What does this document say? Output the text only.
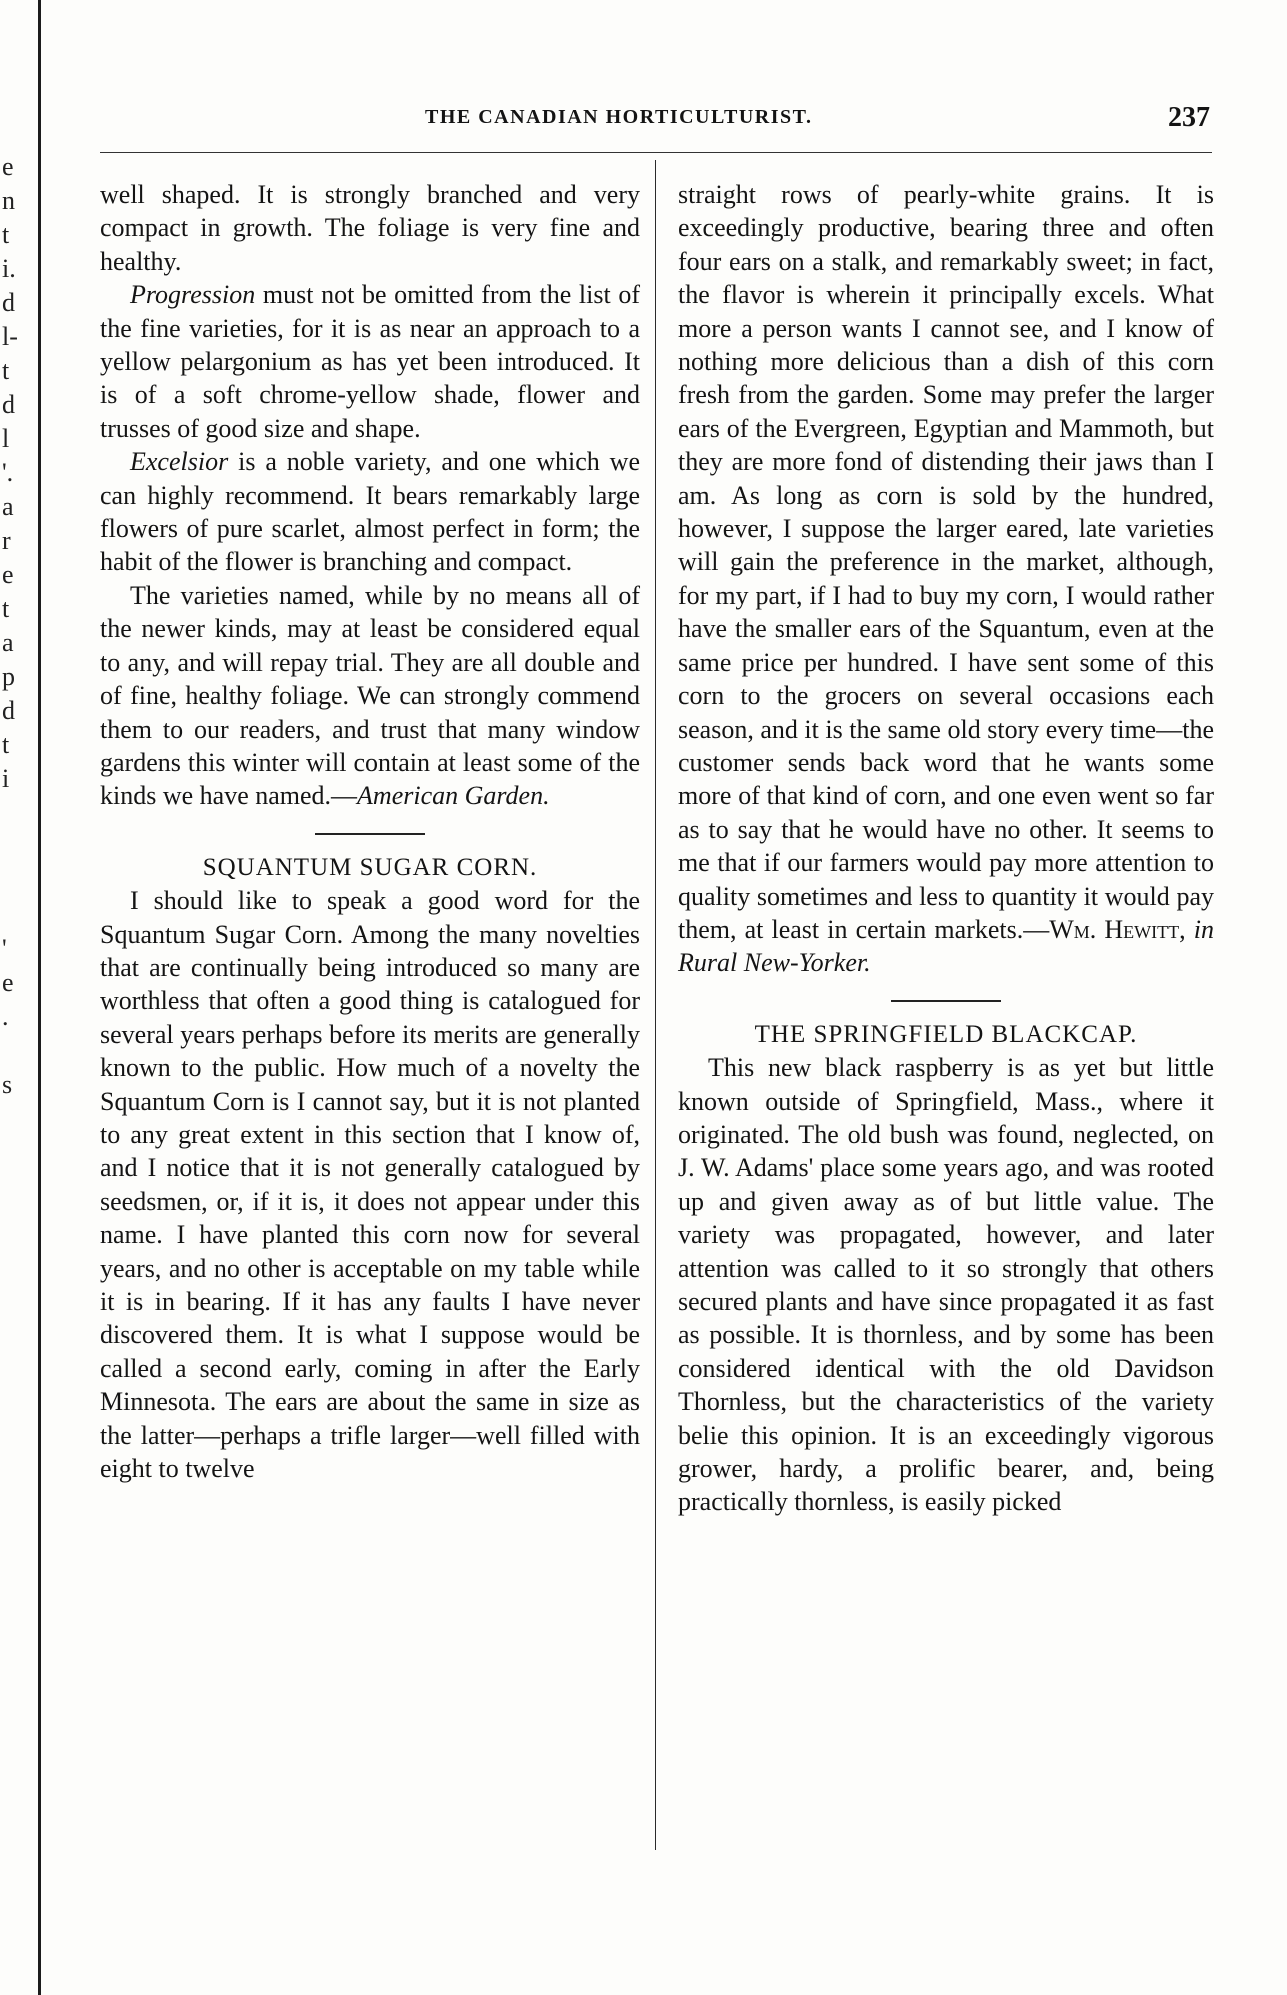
e
n
t
i.
d
l-
t
d
l
'.
a
r
e
t
a
p
d
t
i
'
e
.
s
THE CANADIAN HORTICULTURIST.	237

well shaped. It is strongly branched and very compact in growth. The foliage is very fine and healthy.

Progression must not be omitted from the list of the fine varieties, for it is as near an approach to a yellow pelargonium as has yet been introduced. It is of a soft chrome-yellow shade, flower and trusses of good size and shape.

Excelsior is a noble variety, and one which we can highly recommend. It bears remarkably large flowers of pure scarlet, almost perfect in form; the habit of the flower is branching and compact.

The varieties named, while by no means all of the newer kinds, may at least be considered equal to any, and will repay trial. They are all double and of fine, healthy foliage. We can strongly commend them to our readers, and trust that many window gardens this winter will contain at least some of the kinds we have named.—American Garden.

SQUANTUM SUGAR CORN.

I should like to speak a good word for the Squantum Sugar Corn. Among the many novelties that are continually being introduced so many are worthless that often a good thing is catalogued for several years perhaps before its merits are generally known to the public. How much of a novelty the Squantum Corn is I cannot say, but it is not planted to any great extent in this section that I know of, and I notice that it is not generally catalogued by seedsmen, or, if it is, it does not appear under this name. I have planted this corn now for several years, and no other is acceptable on my table while it is in bearing. If it has any faults I have never discovered them. It is what I suppose would be called a second early, coming in after the Early Minnesota. The ears are about the same in size as the latter—perhaps a trifle larger—well filled with eight to twelve

straight rows of pearly-white grains. It is exceedingly productive, bearing three and often four ears on a stalk, and remarkably sweet; in fact, the flavor is wherein it principally excels. What more a person wants I cannot see, and I know of nothing more delicious than a dish of this corn fresh from the garden. Some may prefer the larger ears of the Evergreen, Egyptian and Mammoth, but they are more fond of distending their jaws than I am. As long as corn is sold by the hundred, however, I suppose the larger eared, late varieties will gain the preference in the market, although, for my part, if I had to buy my corn, I would rather have the smaller ears of the Squantum, even at the same price per hundred. I have sent some of this corn to the grocers on several occasions each season, and it is the same old story every time—the customer sends back word that he wants some more of that kind of corn, and one even went so far as to say that he would have no other. It seems to me that if our farmers would pay more attention to quality sometimes and less to quantity it would pay them, at least in certain markets.—Wm. Hewitt, in Rural New-Yorker.

THE SPRINGFIELD BLACKCAP.

This new black raspberry is as yet but little known outside of Springfield, Mass., where it originated. The old bush was found, neglected, on J. W. Adams' place some years ago, and was rooted up and given away as of but little value. The variety was propagated, however, and later attention was called to it so strongly that others secured plants and have since propagated it as fast as possible. It is thornless, and by some has been considered identical with the old Davidson Thornless, but the characteristics of the variety belie this opinion. It is an exceedingly vigorous grower, hardy, a prolific bearer, and, being practically thornless, is easily picked
